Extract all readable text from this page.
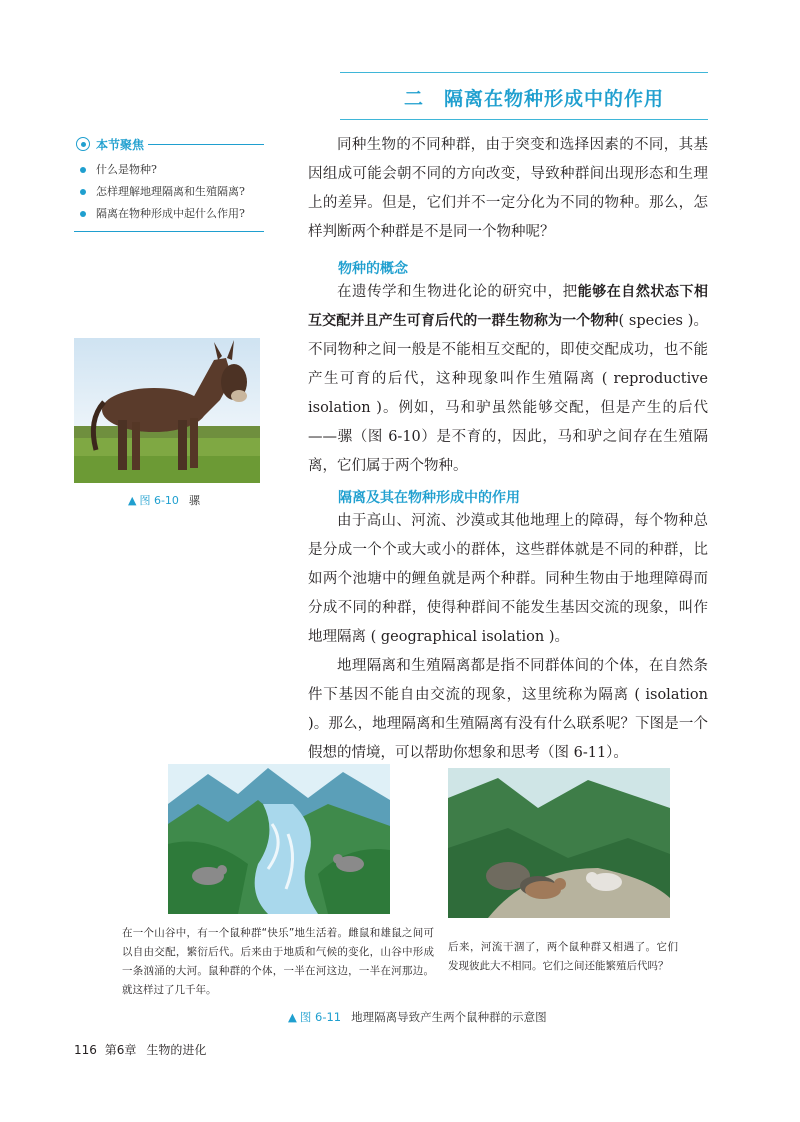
二 隔离在物种形成中的作用
本节聚焦
什么是物种?
怎样理解地理隔离和生殖隔离?
隔离在物种形成中起什么作用?
同种生物的不同种群，由于突变和选择因素的不同，其基因组成可能会朝不同的方向改变，导致种群间出现形态和生理上的差异。但是，它们并不一定分化为不同的物种。那么，怎样判断两个种群是不是同一个物种呢？
物种的概念
在遗传学和生物进化论的研究中，把能够在自然状态下相互交配并且产生可育后代的一群生物称为一个物种( species )。不同物种之间一般是不能相互交配的，即使交配成功，也不能产生可育的后代，这种现象叫作生殖隔离 ( reproductive isolation )。例如，马和驴虽然能够交配，但是产生的后代——骡（图 6-10）是不育的，因此，马和驴之间存在生殖隔离，它们属于两个物种。
隔离及其在物种形成中的作用
由于高山、河流、沙漠或其他地理上的障碍，每个物种总是分成一个个或大或小的群体，这些群体就是不同的种群，比如两个池塘中的鲤鱼就是两个种群。同种生物由于地理障碍而分成不同的种群，使得种群间不能发生基因交流的现象，叫作地理隔离 ( geographical isolation )。
地理隔离和生殖隔离都是指不同群体间的个体，在自然条件下基因不能自由交流的现象，这里统称为隔离 ( isolation )。那么，地理隔离和生殖隔离有没有什么联系呢？下图是一个假想的情境，可以帮助你想象和思考（图 6-11）。
▲ 图 6-10 骡
在一个山谷中，有一个鼠种群“快乐”地生活着。雌鼠和雄鼠之间可以自由交配，繁衍后代。后来由于地质和气候的变化，山谷中形成一条汹涌的大河。鼠种群的个体，一半在河这边，一半在河那边。就这样过了几千年。
后来，河流干涸了，两个鼠种群又相遇了。它们发现彼此大不相同。它们之间还能繁殖后代吗？
▲ 图 6-11 地理隔离导致产生两个鼠种群的示意图
116 第6章 生物的进化
